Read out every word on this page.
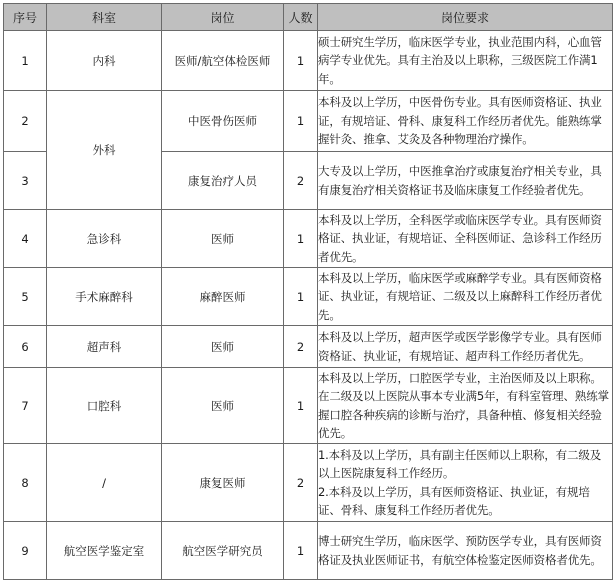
序号	科室	岗位	人数	岗位要求
1	内科	医师/航空体检医师	1	硕士研究生学历，临床医学专业，执业范围内科，心血管病学专业优先。具有主治及以上职称，三级医院工作满1年。

2	外科	中医骨伤医师	1	本科及以上学历，中医骨伤专业。具有医师资格证、执业证，有规培证、骨科、康复科工作经历者优先。能熟练掌握针灸、推拿、艾灸及各种物理治疗操作。

3		康复治疗人员	2	大专及以上学历，中医推拿治疗或康复治疗相关专业，具有康复治疗相关资格证书及临床康复工作经验者优先。

4	急诊科	医师	1	本科及以上学历，全科医学或临床医学专业。具有医师资格证、执业证，有规培证、全科医师证、急诊科工作经历者优先。

5	手术麻醉科	麻醉医师	1	本科及以上学历，临床医学或麻醉学专业。具有医师资格证、执业证，有规培证、二级及以上麻醉科工作经历者优先。

6	超声科	医师	2	本科及以上学历，超声医学或医学影像学专业。具有医师资格证、执业证，有规培证、超声科工作经历者优先。

7	口腔科	医师	1	本科及以上学历，口腔医学专业，主治医师及以上职称。在二级及以上医院从事本专业满5年，有科室管理、熟练掌握口腔各种疾病的诊断与治疗，具备种植、修复相关经验优先。

8	/	康复医师	2	1.本科及以上学历，具有副主任医师以上职称，有二级及以上医院康复科工作经历。
2.本科及以上学历，具有医师资格证、执业证，有规培证、骨科、康复科工作经历者优先。

9	航空医学鉴定室	航空医学研究员	1	博士研究生学历，临床医学、预防医学专业，具有医师资格证及执业医师证书，有航空体检鉴定医师资格者优先。
